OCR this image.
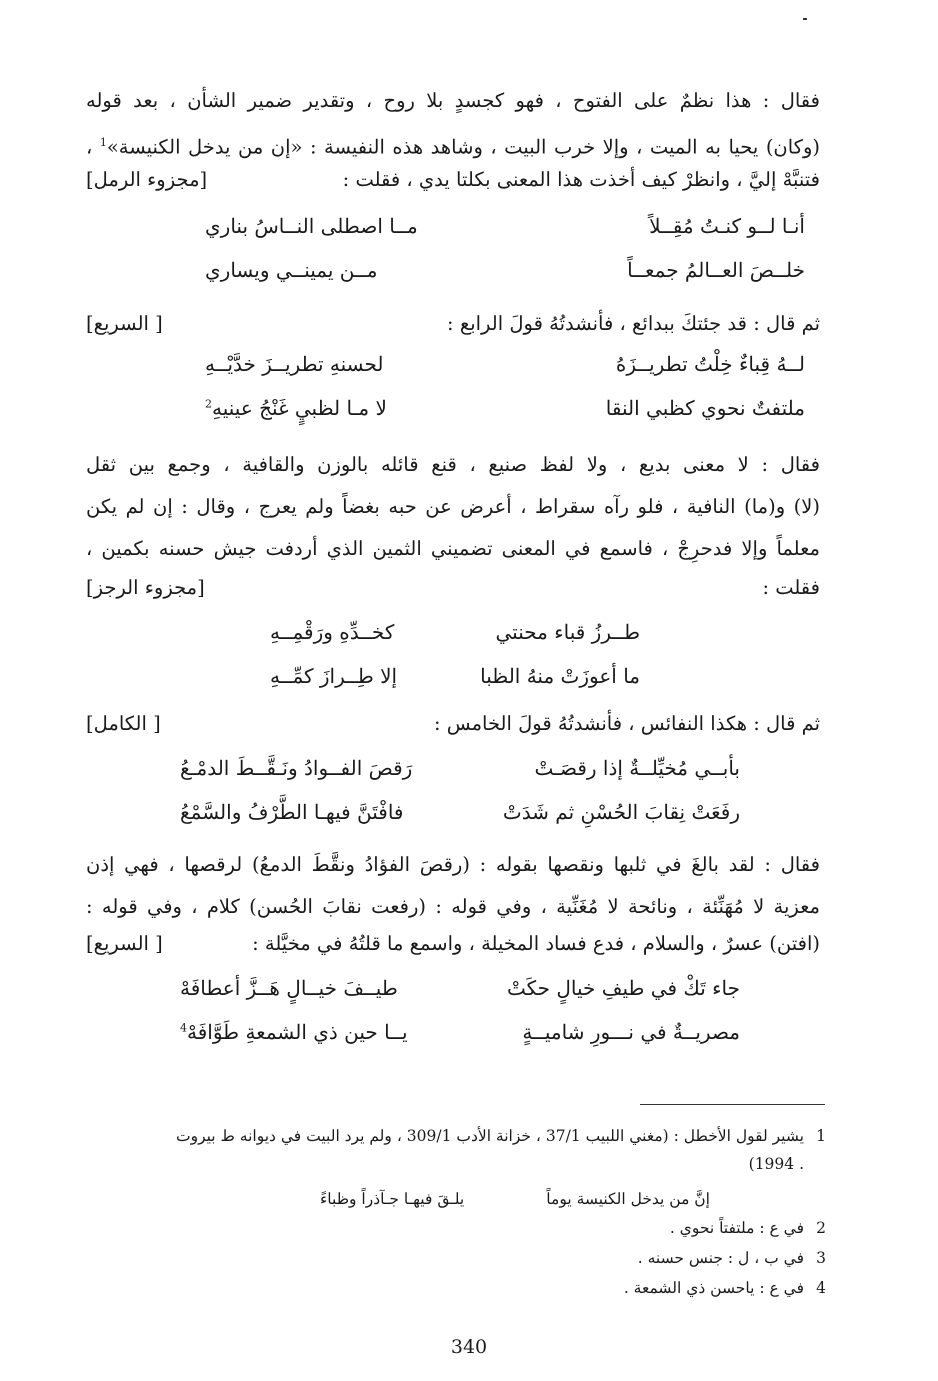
فقال : هذا نظمٌ على الفتوح ، فهو كجسدٍ بلا روح ، وتقدير ضمير الشأن ، بعد قوله
(وكان) يحيا به الميت ، وإلا خرب البيت ، وشاهد هذه النفيسة : «إن من يدخل الكنيسة»$^1$ ،
فتنبَّهْ إليَّ ، وانظرْ كيف أخذت هذا المعنى بكلتا يدي ، فقلت :
[مجزوء الرمل]
أنـا لــو كنـتُ مُقِــلاً
مــا اصطلى النــاسُ بناري
خلــصَ العــالمُ جمعــاً
مــن يمينــي ويساري
ثم قال : قد جئتكَ ببدائع ، فأنشدتُهُ قولَ الرابع :
[ السريع]
لــهُ قِباءٌ خِلْتُ تطريــزَهُ
لحسنهِ تطريــزَ خدَّيْــهِ
ملتفتٌ نحوي كظبي النقا
لا مـا لظبيٍ غَنْجُ عينيهِ$^2$
فقال : لا معنى بديع ، ولا لفظ صنيع ، قنع قائله بالوزن والقافية ، وجمع بين ثقل
(لا) و(ما) النافية ، فلو رآه سقراط ، أعرض عن حبه بغضاً ولم يعرج ، وقال : إن لم يكن
معلماً وإلا فدحرِجْ ، فاسمع في المعنى تضميني الثمين الذي أردفت جيش حسنه بكمين ،
فقلت :
[مجزوء الرجز]
طــرزُ قباء محنتي
كخــدِّهِ ورَقْمِــهِ
ما أعوزَتْ منهُ الظبا
إلا طِــرازَ كمِّــهِ
ثم قال : هكذا النفائس ، فأنشدتُهُ قولَ الخامس :
[ الكامل]
بأبــي مُخيِّلــةٌ إذا رقصَـتْ
رَقصَ الفــوادُ ونَـقَّــطَ الدمْـعُ
رفَعَتْ نِقابَ الحُسْنِ ثم شَدَتْ
فافْتَنَّ فيهـا الطَّرْفُ والسَّمْعُ
فقال : لقد بالغَ في ثلبها ونقصها بقوله : (رقصَ الفؤادُ ونقَّطَ الدمعُ) لرقصها ، فهي إذن
معزية لا مُهَنِّئة ، ونائحة لا مُغَنِّية ، وفي قوله : (رفعت نقابَ الحُسن) كلام ، وفي قوله :
(افتن) عسرٌ ، والسلام ، فدع فساد المخيلة ، واسمع ما قلتُهُ في مخيَّلة :
[ السريع]
جاء تَكْ في طيفِ خيالٍ حكَتْ
طيــفَ خيــالٍ هَــزَّ أعطافَهْ
مصريــةٌ في نـــورِ شاميــةٍ
يــا حين ذي الشمعةِ طَوَّافَهْ$^4$
1يشير لقول الأخطل : (مغني اللبيب 37/1 ، خزانة الأدب 309/1 ، ولم يرد البيت في ديوانه ط بيروت
. 1994)
إنَّ من يدخل الكنيسة يوماً
يلـقَ فيهـا جـآذراً وظباءً
2في ع : ملتفتاً نحوي .
3في ب ، ل : جنس حسنه .
4في ع : ياحسن ذي الشمعة .
340
